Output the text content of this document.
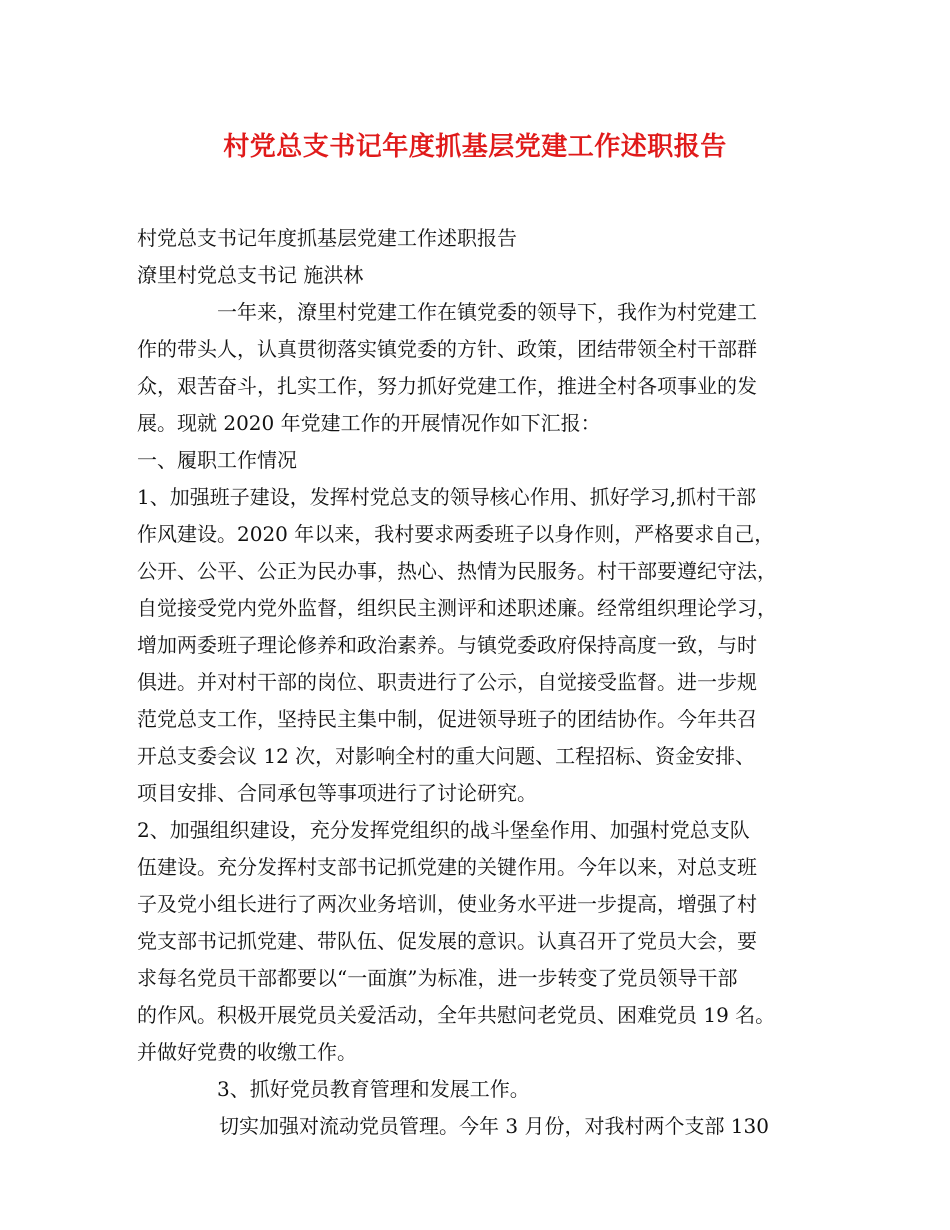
村党总支书记年度抓基层党建工作述职报告
村党总支书记年度抓基层党建工作述职报告
潦里村党总支书记 施洪林
一年来，潦里村党建工作在镇党委的领导下，我作为村党建工
作的带头人，认真贯彻落实镇党委的方针、政策，团结带领全村干部群
众，艰苦奋斗，扎实工作，努力抓好党建工作，推进全村各项事业的发
展。现就 2020 年党建工作的开展情况作如下汇报：
一、履职工作情况
1、加强班子建设，发挥村党总支的领导核心作用、抓好学习,抓村干部
作风建设。2020 年以来，我村要求两委班子以身作则，严格要求自己，
公开、公平、公正为民办事，热心、热情为民服务。村干部要遵纪守法，
自觉接受党内党外监督，组织民主测评和述职述廉。经常组织理论学习，
增加两委班子理论修养和政治素养。与镇党委政府保持高度一致，与时
俱进。并对村干部的岗位、职责进行了公示，自觉接受监督。进一步规
范党总支工作，坚持民主集中制，促进领导班子的团结协作。今年共召
开总支委会议 12 次，对影响全村的重大问题、工程招标、资金安排、
项目安排、合同承包等事项进行了讨论研究。
2、加强组织建设，充分发挥党组织的战斗堡垒作用、加强村党总支队
伍建设。充分发挥村支部书记抓党建的关键作用。今年以来，对总支班
子及党小组长进行了两次业务培训，使业务水平进一步提高，增强了村
党支部书记抓党建、带队伍、促发展的意识。认真召开了党员大会，要
求每名党员干部都要以“一面旗”为标准，进一步转变了党员领导干部
的作风。积极开展党员关爱活动，全年共慰问老党员、困难党员 19 名。
并做好党费的收缴工作。
3、抓好党员教育管理和发展工作。
切实加强对流动党员管理。今年 3 月份，对我村两个支部 130
